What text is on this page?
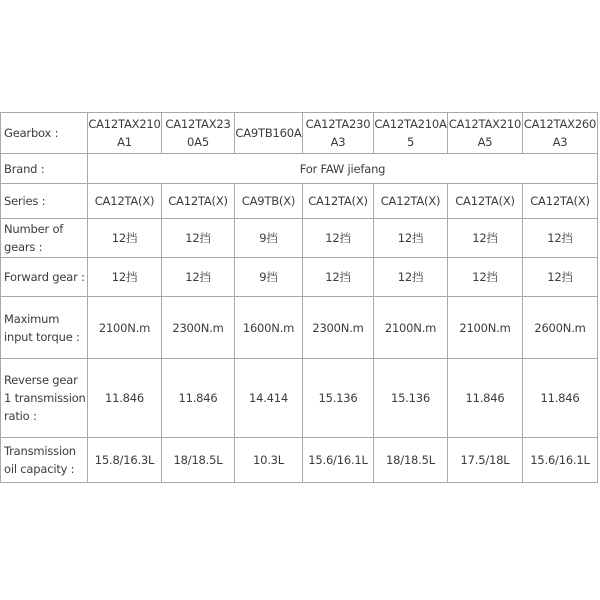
Gearbox :	CA12TAX210A1	CA12TAX230A5	CA9TB160A	CA12TA230A3	CA12TA210A5	CA12TAX210A5	CA12TAX260A3
Brand :	For FAW jiefang						
Series :	CA12TA(X)	CA12TA(X)	CA9TB(X)	CA12TA(X)	CA12TA(X)	CA12TA(X)	CA12TA(X)
Number of gears :	12挡	12挡	9挡	12挡	12挡	12挡	12挡
Forward gear :	12挡	12挡	9挡	12挡	12挡	12挡	12挡
Maximum input torque :	2100N.m	2300N.m	1600N.m	2300N.m	2100N.m	2100N.m	2600N.m
Reverse gear 1 transmission ratio :	11.846	11.846	14.414	15.136	15.136	11.846	11.846
Transmission oil capacity :	15.8/16.3L	18/18.5L	10.3L	15.6/16.1L	18/18.5L	17.5/18L	15.6/16.1L
